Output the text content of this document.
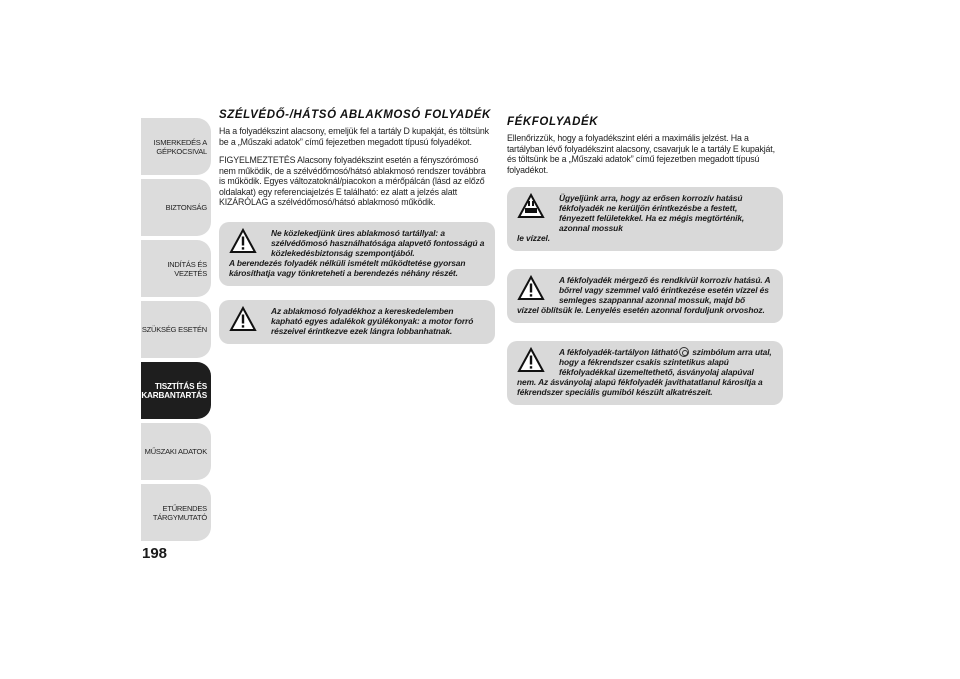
ISMERKEDÉS A GÉPKOCSIVAL
BIZTONSÁG
INDÍTÁS ÉS VEZETÉS
SZÜKSÉG ESETÉN
TISZTÍTÁS ÉS KARBANTARTÁS
MŰSZAKI ADATOK
ETŰRENDES TÁRGYMUTATÓ
198
SZÉLVÉDŐ-/HÁTSÓ ABLAKMOSÓ FOLYADÉK

Ha a folyadékszint alacsony, emeljük fel a tartály D kupakját, és töltsünk be a „Műszaki adatok” című fejezetben megadott típusú folyadékot.

FIGYELMEZTETÉS Alacsony folyadékszint esetén a fényszórómosó nem működik, de a szélvédőmosó/hátsó ablakmosó rendszer továbbra is működik. Egyes változatoknál/piacokon a mérőpálcán (lásd az előző oldalakat) egy referenciajelzés E található: ez alatt a jelzés alatt KIZÁRÓLAG a szélvédőmosó/hátsó ablakmosó működik.

Ne közlekedjünk üres ablakmosó tartállyal: a szélvédőmosó használhatósága alapvető fontosságú a közlekedésbiztonság szempontjából.
A berendezés folyadék nélküli ismételt működtetése gyorsan károsíthatja vagy tönkreteheti a berendezés néhány részét.
Az ablakmosó folyadékhoz a kereskedelemben kapható egyes adalékok gyúlékonyak: a motor forró részeivel érintkezve ezek lángra lobbanhatnak.
FÉKFOLYADÉK

Ellenőrizzük, hogy a folyadékszint eléri a maximális jelzést. Ha a tartályban lévő folyadékszint alacsony, csavarjuk le a tartály E kupakját, és töltsünk be a „Műszaki adatok” című fejezetben megadott típusú folyadékot.

Ügyeljünk arra, hogy az erősen korrozív hatású fékfolyadék ne kerüljön érintkezésbe a festett, fényezett felületekkel. Ha ez mégis megtörténik, azonnal mossuk
le vízzel.
A fékfolyadék mérgező és rendkívül korrozív hatású. A bőrrel vagy szemmel való érintkezése esetén vízzel és semleges szappannal azonnal mossuk, majd bő
vízzel öblítsük le. Lenyelés esetén azonnal forduljunk orvoshoz.
A fékfolyadék-tartályon látható szimbólum arra utal, hogy a fékrendszer csakis szintetikus alapú fékfolyadékkal üzemeltethető, ásványolaj alapúval
nem. Az ásványolaj alapú fékfolyadék javíthatatlanul károsítja a fékrendszer speciális gumiból készült alkatrészeit.
